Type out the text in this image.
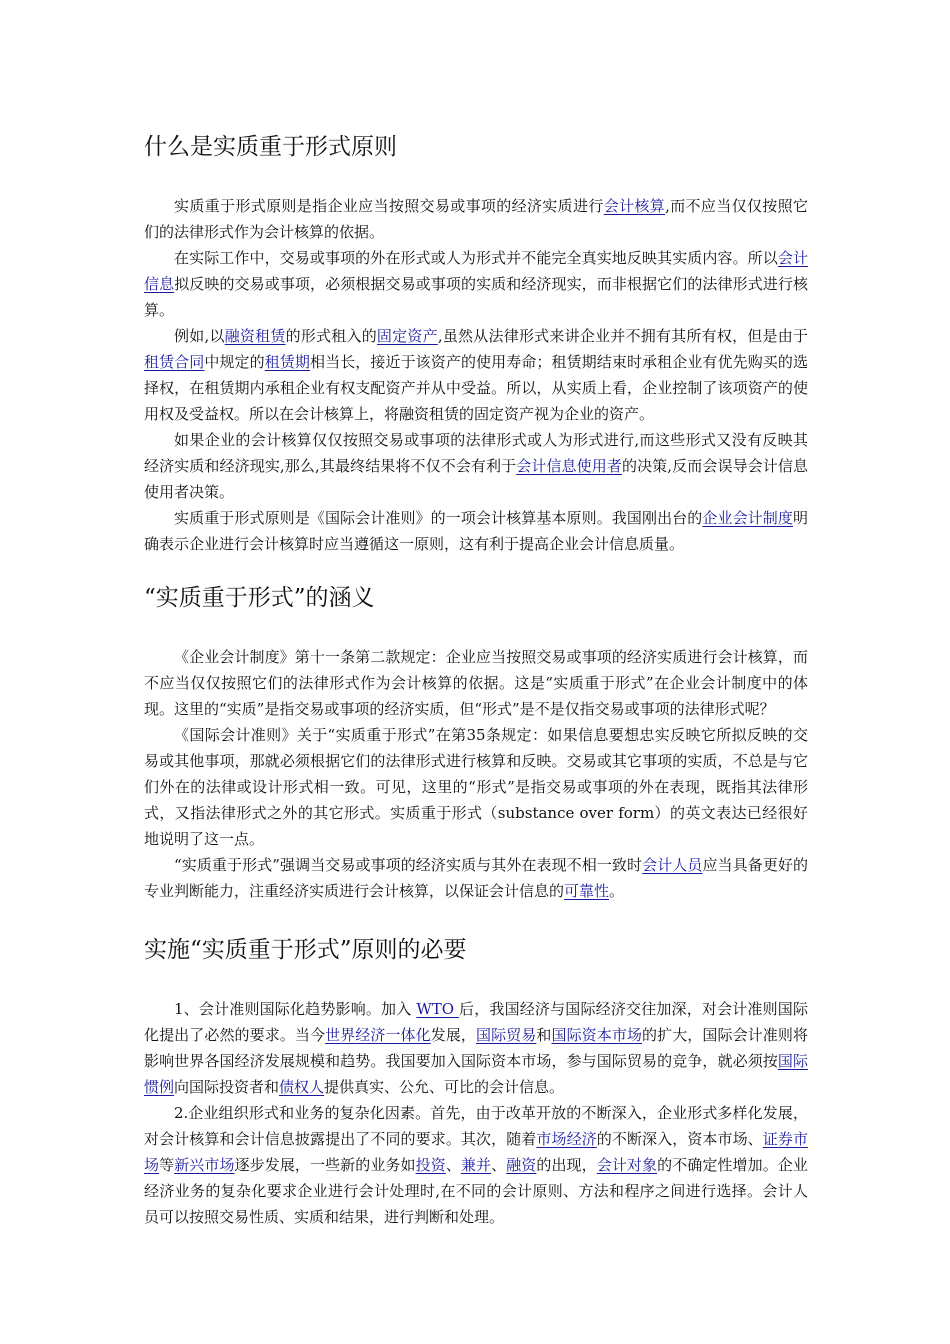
什么是实质重于形式原则

实质重于形式原则是指企业应当按照交易或事项的经济实质进行会计核算,而不应当仅仅按照它们的法律形式作为会计核算的依据。

在实际工作中，交易或事项的外在形式或人为形式并不能完全真实地反映其实质内容。所以会计信息拟反映的交易或事项，必须根据交易或事项的实质和经济现实，而非根据它们的法律形式进行核算。

例如,以融资租赁的形式租入的固定资产,虽然从法律形式来讲企业并不拥有其所有权，但是由于租赁合同中规定的租赁期相当长，接近于该资产的使用寿命；租赁期结束时承租企业有优先购买的选择权，在租赁期内承租企业有权支配资产并从中受益。所以，从实质上看，企业控制了该项资产的使用权及受益权。所以在会计核算上，将融资租赁的固定资产视为企业的资产。

如果企业的会计核算仅仅按照交易或事项的法律形式或人为形式进行,而这些形式又没有反映其经济实质和经济现实,那么,其最终结果将不仅不会有利于会计信息使用者的决策,反而会误导会计信息使用者决策。

实质重于形式原则是《国际会计准则》的一项会计核算基本原则。我国刚出台的企业会计制度明确表示企业进行会计核算时应当遵循这一原则，这有利于提高企业会计信息质量。

“实质重于形式”的涵义

《企业会计制度》第十一条第二款规定：企业应当按照交易或事项的经济实质进行会计核算，而不应当仅仅按照它们的法律形式作为会计核算的依据。这是“实质重于形式”在企业会计制度中的体现。这里的“实质”是指交易或事项的经济实质，但“形式”是不是仅指交易或事项的法律形式呢？

《国际会计准则》关于“实质重于形式”在第35条规定：如果信息要想忠实反映它所拟反映的交易或其他事项，那就必须根据它们的法律形式进行核算和反映。交易或其它事项的实质，不总是与它们外在的法律或设计形式相一致。可见，这里的“形式”是指交易或事项的外在表现，既指其法律形式，又指法律形式之外的其它形式。实质重于形式（substance over form）的英文表达已经很好地说明了这一点。

“实质重于形式”强调当交易或事项的经济实质与其外在表现不相一致时会计人员应当具备更好的专业判断能力，注重经济实质进行会计核算，以保证会计信息的可靠性。

实施“实质重于形式”原则的必要

1、会计准则国际化趋势影响。加入 WTO 后，我国经济与国际经济交往加深，对会计准则国际化提出了必然的要求。当今世界经济一体化发展，国际贸易和国际资本市场的扩大，国际会计准则将影响世界各国经济发展规模和趋势。我国要加入国际资本市场，参与国际贸易的竞争，就必须按国际惯例向国际投资者和债权人提供真实、公允、可比的会计信息。

2.企业组织形式和业务的复杂化因素。首先，由于改革开放的不断深入，企业形式多样化发展，对会计核算和会计信息披露提出了不同的要求。其次，随着市场经济的不断深入，资本市场、证券市场等新兴市场逐步发展，一些新的业务如投资、兼并、融资的出现，会计对象的不确定性增加。企业经济业务的复杂化要求企业进行会计处理时,在不同的会计原则、方法和程序之间进行选择。会计人员可以按照交易性质、实质和结果，进行判断和处理。
